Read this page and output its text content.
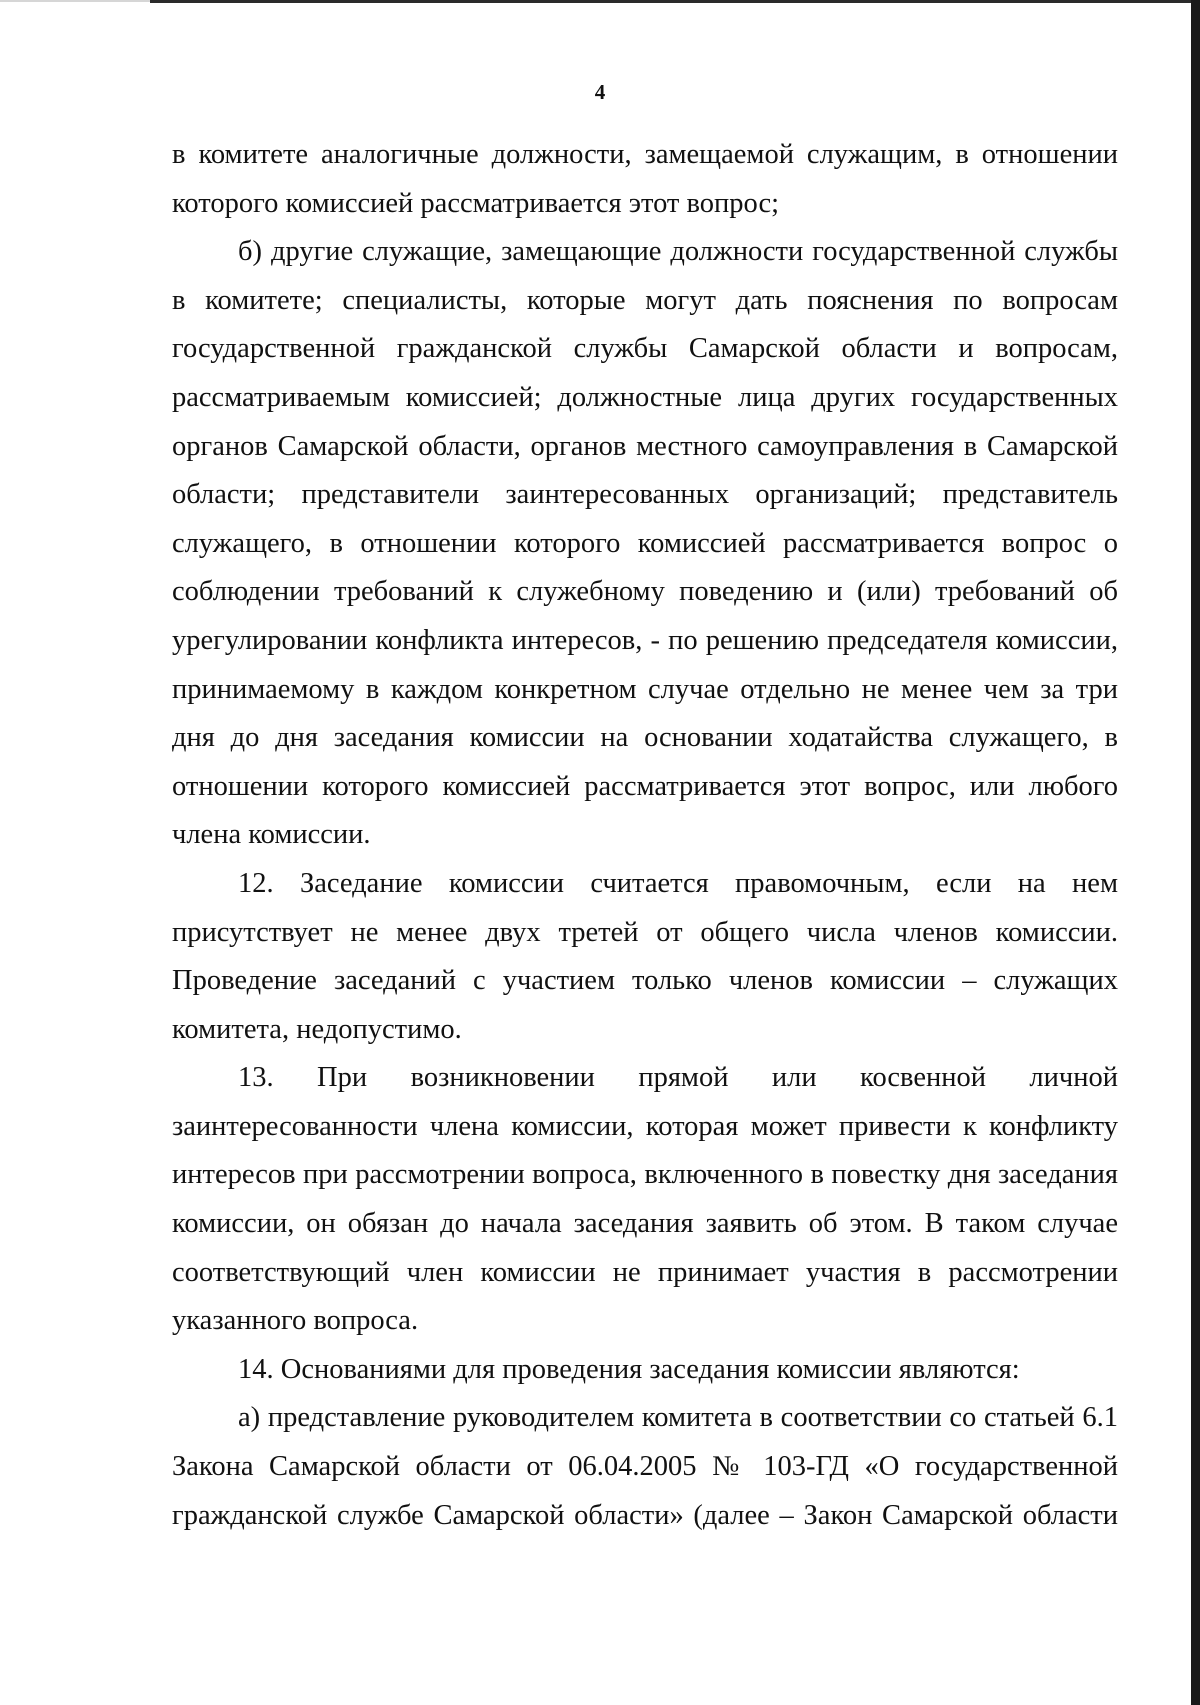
4

в комитете аналогичные должности, замещаемой служащим, в отношении которого комиссией рассматривается этот вопрос;

б) другие служащие, замещающие должности государственной службы в комитете; специалисты, которые могут дать пояснения по вопросам государственной гражданской службы Самарской области и вопросам, рассматриваемым комиссией; должностные лица других государственных органов Самарской области, органов местного самоуправления в Самарской области; представители заинтересованных организаций; представитель служащего, в отношении которого комиссией рассматривается вопрос о соблюдении требований к служебному поведению и (или) требований об урегулировании конфликта интересов, - по решению председателя комиссии, принимаемому в каждом конкретном случае отдельно не менее чем за три дня до дня заседания комиссии на основании ходатайства служащего, в отношении которого комиссией рассматривается этот вопрос, или любого члена комиссии.

12. Заседание комиссии считается правомочным, если на нем присутствует не менее двух третей от общего числа членов комиссии. Проведение заседаний с участием только членов комиссии – служащих комитета, недопустимо.

13. При возникновении прямой или косвенной личной заинтересованности члена комиссии, которая может привести к конфликту интересов при рассмотрении вопроса, включенного в повестку дня заседания комиссии, он обязан до начала заседания заявить об этом. В таком случае соответствующий член комиссии не принимает участия в рассмотрении указанного вопроса.

14. Основаниями для проведения заседания комиссии являются:

а) представление руководителем комитета в соответствии со статьей 6.1 Закона Самарской области от 06.04.2005 № 103-ГД «О государственной гражданской службе Самарской области» (далее – Закон Самарской области
